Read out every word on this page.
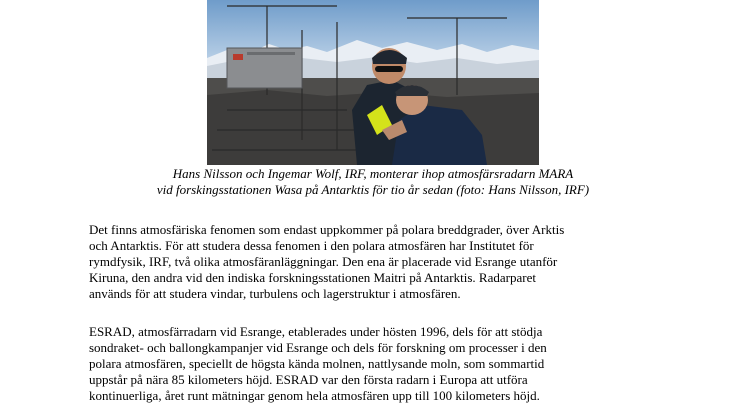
Hans Nilsson och Ingemar Wolf, IRF, monterar ihop atmosfärsradarn MARA
vid forskingsstationen Wasa på Antarktis för tio år sedan (foto: Hans Nilsson, IRF)
Det finns atmosfäriska fenomen som endast uppkommer på polara breddgrader, över Arktis
och Antarktis. För att studera dessa fenomen i den polara atmosfären har Institutet för
rymdfysik, IRF, två olika atmosfäranläggningar. Den ena är placerade vid Esrange utanför
Kiruna, den andra vid den indiska forskningsstationen Maitri på Antarktis. Radarparet
används för att studera vindar, turbulens och lagerstruktur i atmosfären.
ESRAD, atmosfärradarn vid Esrange, etablerades under hösten 1996, dels för att stödja
sondraket- och ballongkampanjer vid Esrange och dels för forskning om processer i den
polara atmosfären, speciellt de högsta kända molnen, nattlysande moln, som sommartid
uppstår på nära 85 kilometers höjd. ESRAD var den första radarn i Europa att utföra
kontinuerliga, året runt mätningar genom hela atmosfären upp till 100 kilometers höjd.
